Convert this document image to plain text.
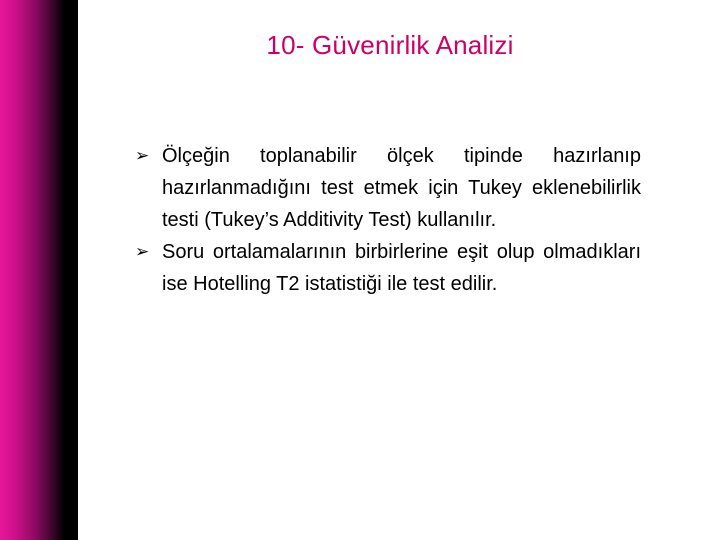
10- Güvenirlik Analizi
➢ Ölçeğin toplanabilir ölçek tipinde hazırlanıp hazırlanmadığını test etmek için Tukey eklenebilirlik testi (Tukey’s Additivity Test) kullanılır.
➢ Soru ortalamalarının birbirlerine eşit olup olmadıkları ise Hotelling T2 istatistiği ile test edilir.
